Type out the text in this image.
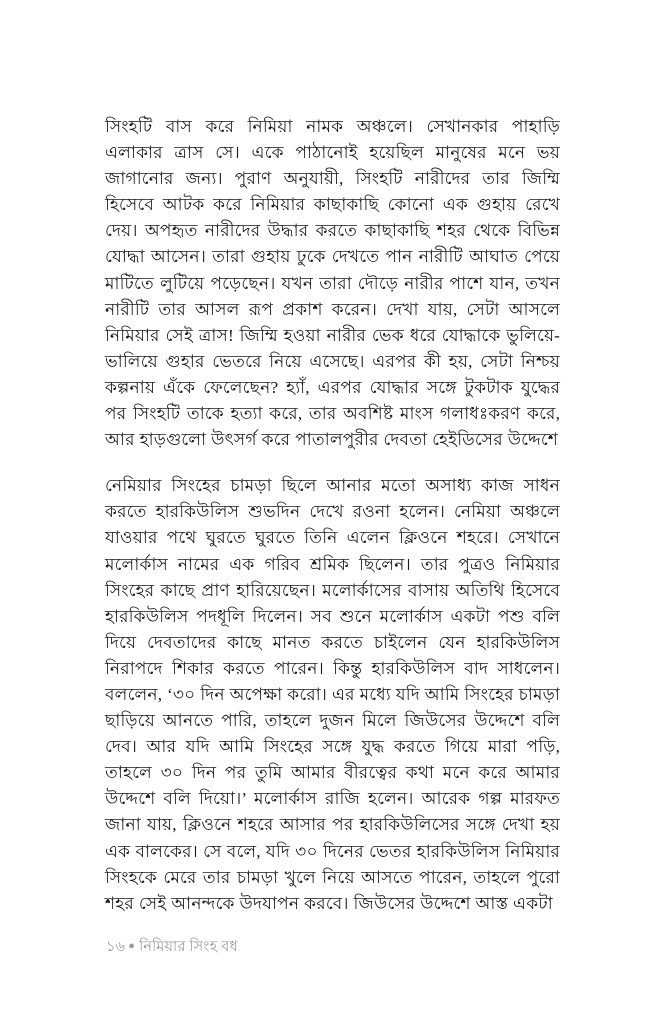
সিংহটি বাস করে নিমিয়া নামক অঞ্চলে। সেখানকার পাহাড়ি এলাকার ত্রাস সে। একে পাঠানোই হয়েছিল মানুষের মনে ভয় জাগানোর জন্য। পুরাণ অনুযায়ী, সিংহটি নারীদের তার জিম্মি হিসেবে আটক করে নিমিয়ার কাছাকাছি কোনো এক গুহায় রেখে দেয়। অপহৃত নারীদের উদ্ধার করতে কাছাকাছি শহর থেকে বিভিন্ন যোদ্ধা আসেন। তারা গুহায় ঢুকে দেখতে পান নারীটি আঘাত পেয়ে মাটিতে লুটিয়ে পড়েছেন। যখন তারা দৌড়ে নারীর পাশে যান, তখন নারীটি তার আসল রূপ প্রকাশ করেন। দেখা যায়, সেটা আসলে নিমিয়ার সেই ত্রাস! জিম্মি হওয়া নারীর ভেক ধরে যোদ্ধাকে ভুলিয়ে-ভালিয়ে গুহার ভেতরে নিয়ে এসেছে। এরপর কী হয়, সেটা নিশ্চয় কল্পনায় এঁকে ফেলেছেন? হ্যাঁ, এরপর যোদ্ধার সঙ্গে টুকটাক যুদ্ধের পর সিংহটি তাকে হত্যা করে, তার অবশিষ্ট মাংস গলাধঃকরণ করে, আর হাড়গুলো উৎসর্গ করে পাতালপুরীর দেবতা হেইডিসের উদ্দেশে

নেমিয়ার সিংহের চামড়া ছিলে আনার মতো অসাধ্য কাজ সাধন করতে হারকিউলিস শুভদিন দেখে রওনা হলেন। নেমিয়া অঞ্চলে যাওয়ার পথে ঘুরতে ঘুরতে তিনি এলেন ক্লিওনে শহরে। সেখানে মলোর্কাস নামের এক গরিব শ্রমিক ছিলেন। তার পুত্রও নিমিয়ার সিংহের কাছে প্রাণ হারিয়েছেন। মলোর্কাসের বাসায় অতিথি হিসেবে হারকিউলিস পদধূলি দিলেন। সব শুনে মলোর্কাস একটা পশু বলি দিয়ে দেবতাদের কাছে মানত করতে চাইলেন যেন হারকিউলিস নিরাপদে শিকার করতে পারেন। কিন্তু হারকিউলিস বাদ সাধলেন। বললেন, ‘৩০ দিন অপেক্ষা করো। এর মধ্যে যদি আমি সিংহের চামড়া ছাড়িয়ে আনতে পারি, তাহলে দুজন মিলে জিউসের উদ্দেশে বলি দেব। আর যদি আমি সিংহের সঙ্গে যুদ্ধ করতে গিয়ে মারা পড়ি, তাহলে ৩০ দিন পর তুমি আমার বীরত্বের কথা মনে করে আমার উদ্দেশে বলি দিয়ো।’ মলোর্কাস রাজি হলেন। আরেক গল্প মারফত জানা যায়, ক্লিওনে শহরে আসার পর হারকিউলিসের সঙ্গে দেখা হয় এক বালকের। সে বলে, যদি ৩০ দিনের ভেতর হারকিউলিস নিমিয়ার সিংহকে মেরে তার চামড়া খুলে নিয়ে আসতে পারেন, তাহলে পুরো শহর সেই আনন্দকে উদযাপন করবে। জিউসের উদ্দেশে আস্ত একটা

১৬ ● নিমিয়ার সিংহ বধ
